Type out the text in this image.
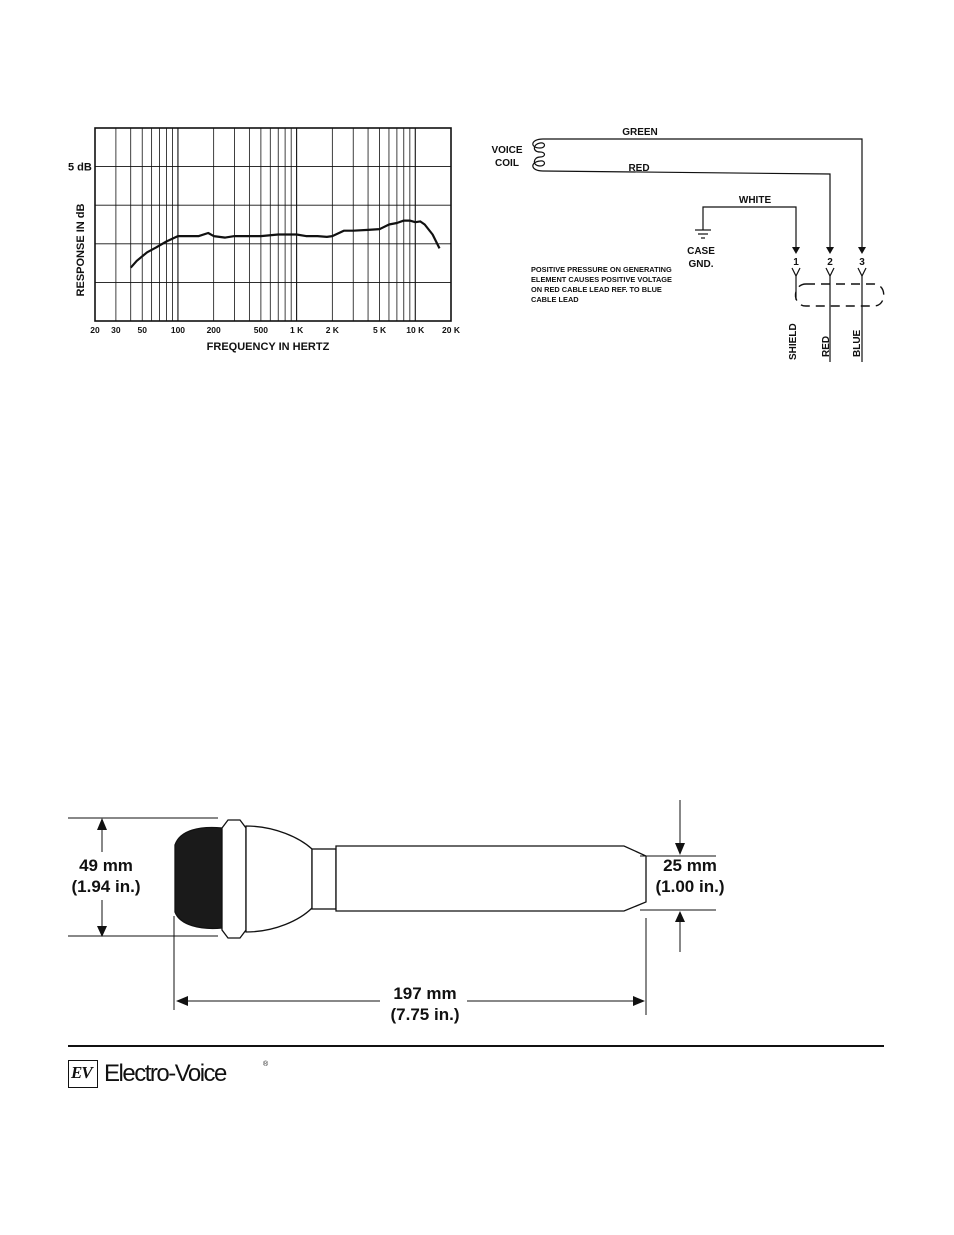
20 30 50	100	200	500	1 K	2 K	5 K 10 K 20 K
5 dB
RESPONSE IN dB
FREQUENCY IN HERTZ
VOICE COIL
GREEN
RED
WHITE
CASE GND.
POSITIVE PRESSURE ON GENERATING ELEMENT CAUSES POSITIVE VOLTAGE ON RED CABLE LEAD REF. TO BLUE CABLE LEAD
1	2	3
SHIELD RED BLUE
49 mm
(1.94 in.)
25 mm
(1.00 in.)
197 mm
(7.75 in.)
EV Electro-Voice	®
